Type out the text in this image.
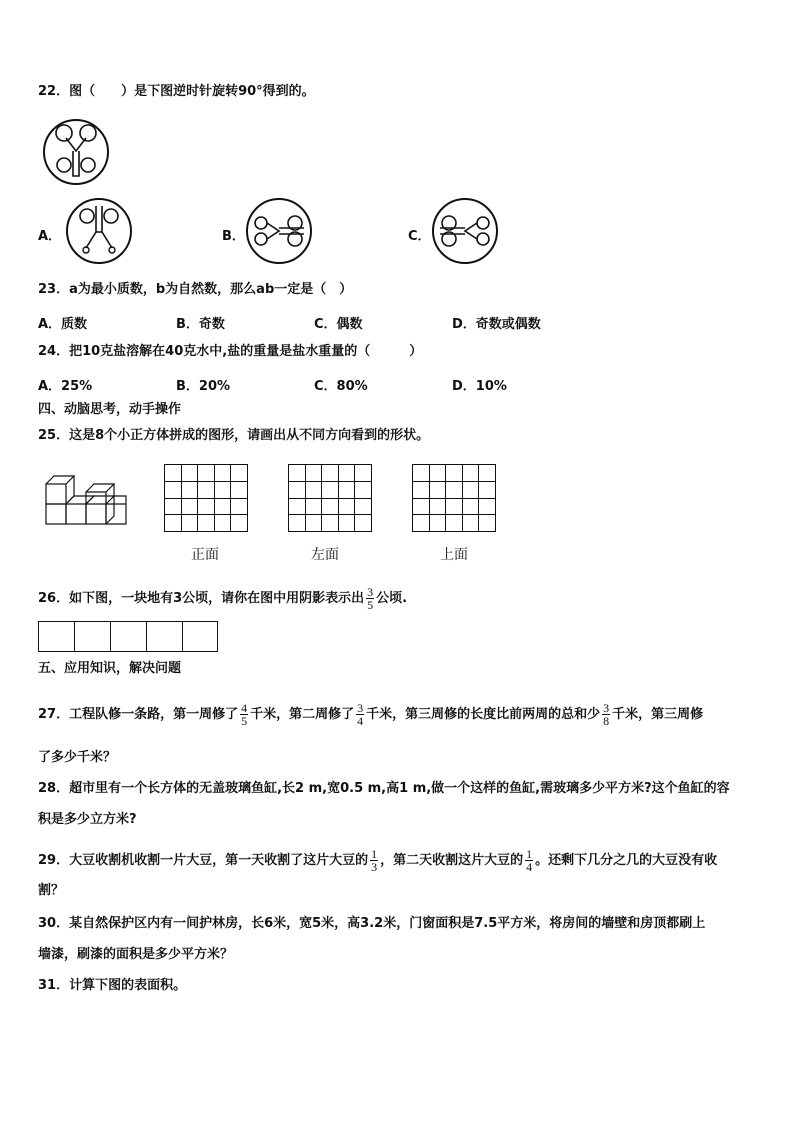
22．图（　　）是下图逆时针旋转90°得到的。
A．	B．	C．
23．a为最小质数，b为自然数，那么ab一定是（　）
A．质数	B．奇数	C．偶数	D．奇数或偶数
24．把10克盐溶解在40克水中,盐的重量是盐水重量的（　　　）
A．25%	B．20%	C．80%	D．10%
四、动脑思考，动手操作
25．这是8个小正方体拼成的图形，请画出从不同方向看到的形状。
正面	左面	上面
26．如下图，一块地有3公顷，请你在图中用阴影表示出 $\frac{3}{5}$ 公顷.
五、应用知识，解决问题
27．工程队修一条路，第一周修了 $\frac{4}{5}$ 千米，第二周修了 $\frac{3}{4}$ 千米，第三周修的长度比前两周的总和少 $\frac{3}{8}$ 千米，第三周修
了多少千米？
28．超市里有一个长方体的无盖玻璃鱼缸,长2 m,宽0.5 m,高1 m,做一个这样的鱼缸,需玻璃多少平方米?这个鱼缸的容
积是多少立方米?
29．大豆收割机收割一片大豆，第一天收割了这片大豆的 $\frac{1}{3}$ ，第二天收割这片大豆的 $\frac{1}{4}$ 。还剩下几分之几的大豆没有收
割？
30．某自然保护区内有一间护林房，长6米，宽5米，高3.2米，门窗面积是7.5平方米，将房间的墙壁和房顶都刷上
墙漆，刷漆的面积是多少平方米？
31．计算下图的表面积。
